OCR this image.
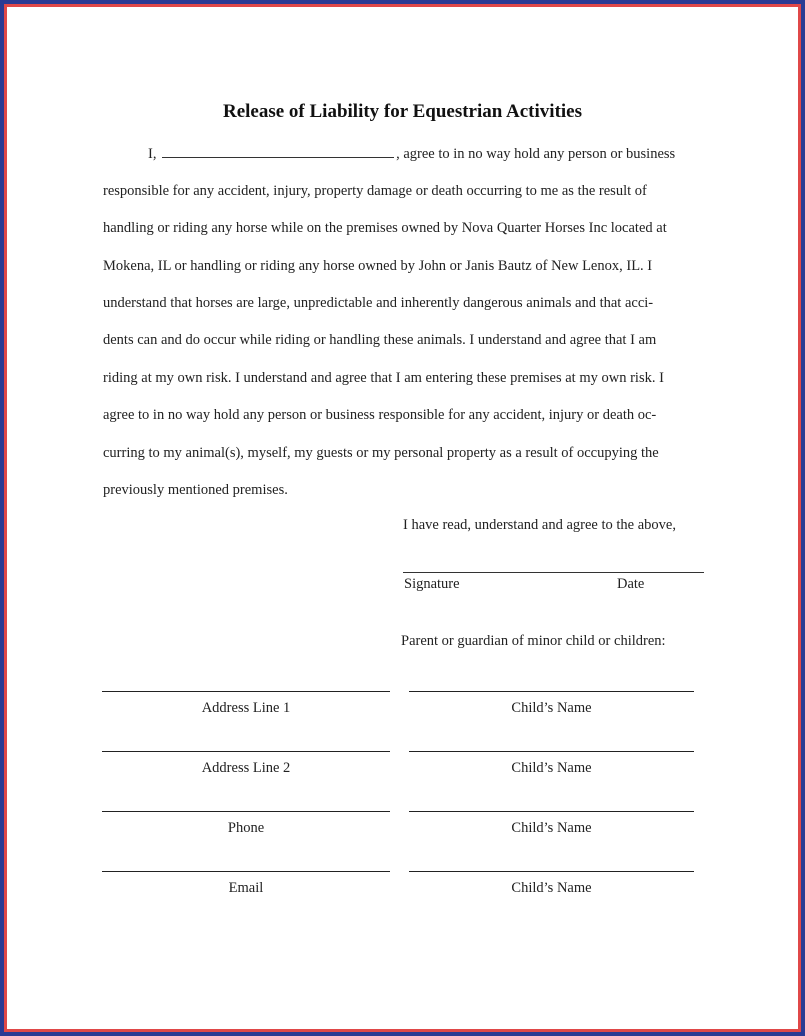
Release of Liability for Equestrian Activities
I,	, agree to in no way hold any person or business
responsible for any accident, injury, property damage or death occurring to me as the result of
handling or riding any horse while on the premises owned by Nova Quarter Horses Inc located at
Mokena, IL or handling or riding any horse owned by John or Janis Bautz of New Lenox, IL. I
understand that horses are large, unpredictable and inherently dangerous animals and that acci-
dents can and do occur while riding or handling these animals. I understand and agree that I am
riding at my own risk. I understand and agree that I am entering these premises at my own risk. I
agree to in no way hold any person or business responsible for any accident, injury or death oc-
curring to my animal(s), myself, my guests or my personal property as a result of occupying the
previously mentioned premises.
I have read, understand and agree to the above,
Signature	Date
Parent or guardian of minor child or children:
Address Line 1	Child’s Name
Address Line 2	Child’s Name
Phone	Child’s Name
Email	Child’s Name
